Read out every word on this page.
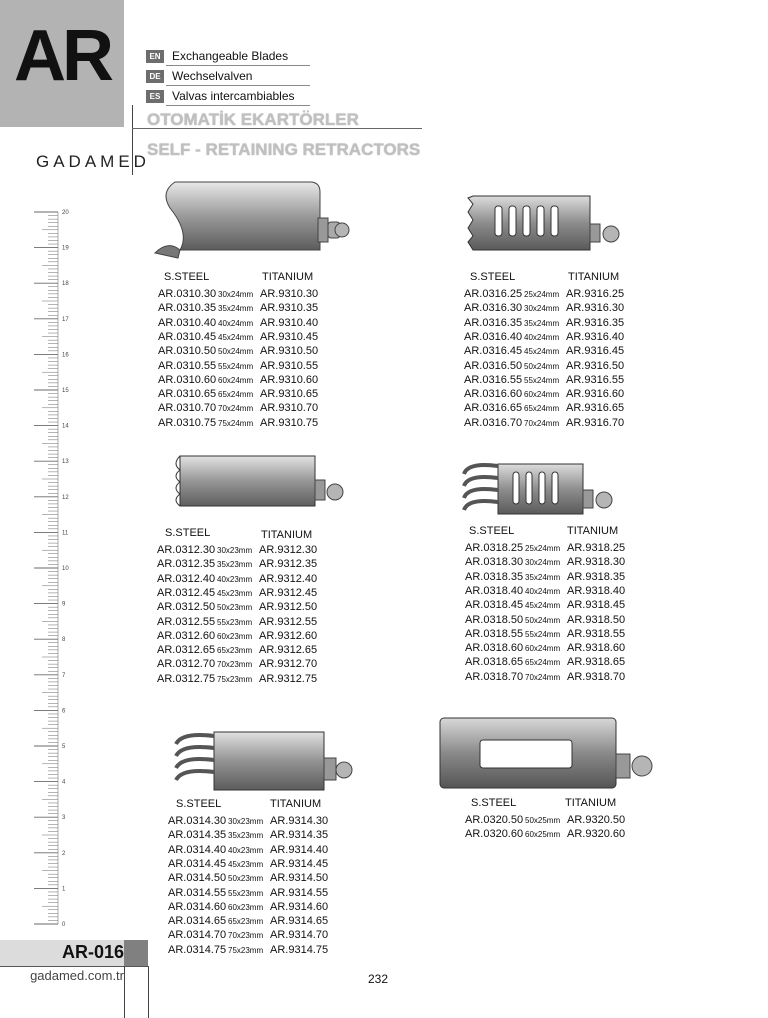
AR	EN Exchangeable Blades
DE Wechselvalven
ES Valvas intercambiables
OTOMATİK EKARTÖRLER
SELF - RETAINING RETRACTORS
GADAMED
20
19
18
17
16
15
14
13
12
11
10
9
8
7
6
5
4
3
2
1
0
S.STEEL	TITANIUM
AR.0310.30 30x24mm AR.9310.30
AR.0310.35 35x24mm AR.9310.35
AR.0310.40 40x24mm AR.9310.40
AR.0310.45 45x24mm AR.9310.45
AR.0310.50 50x24mm AR.9310.50
AR.0310.55 55x24mm AR.9310.55
AR.0310.60 60x24mm AR.9310.60
AR.0310.65 65x24mm AR.9310.65
AR.0310.70 70x24mm AR.9310.70
AR.0310.75 75x24mm AR.9310.75
S.STEEL	TITANIUM
AR.0316.25 25x24mm AR.9316.25
AR.0316.30 30x24mm AR.9316.30
AR.0316.35 35x24mm AR.9316.35
AR.0316.40 40x24mm AR.9316.40
AR.0316.45 45x24mm AR.9316.45
AR.0316.50 50x24mm AR.9316.50
AR.0316.55 55x24mm AR.9316.55
AR.0316.60 60x24mm AR.9316.60
AR.0316.65 65x24mm AR.9316.65
AR.0316.70 70x24mm AR.9316.70
S.STEEL	TITANIUM
AR.0312.30 30x23mm AR.9312.30
AR.0312.35 35x23mm AR.9312.35
AR.0312.40 40x23mm AR.9312.40
AR.0312.45 45x23mm AR.9312.45
AR.0312.50 50x23mm AR.9312.50
AR.0312.55 55x23mm AR.9312.55
AR.0312.60 60x23mm AR.9312.60
AR.0312.65 65x23mm AR.9312.65
AR.0312.70 70x23mm AR.9312.70
AR.0312.75 75x23mm AR.9312.75
S.STEEL	TITANIUM
AR.0318.25 25x24mm AR.9318.25
AR.0318.30 30x24mm AR.9318.30
AR.0318.35 35x24mm AR.9318.35
AR.0318.40 40x24mm AR.9318.40
AR.0318.45 45x24mm AR.9318.45
AR.0318.50 50x24mm AR.9318.50
AR.0318.55 55x24mm AR.9318.55
AR.0318.60 60x24mm AR.9318.60
AR.0318.65 65x24mm AR.9318.65
AR.0318.70 70x24mm AR.9318.70
S.STEEL	TITANIUM
AR.0314.30 30x23mm AR.9314.30
AR.0314.35 35x23mm AR.9314.35
AR.0314.40 40x23mm AR.9314.40
AR.0314.45 45x23mm AR.9314.45
AR.0314.50 50x23mm AR.9314.50
AR.0314.55 55x23mm AR.9314.55
AR.0314.60 60x23mm AR.9314.60
AR.0314.65 65x23mm AR.9314.65
AR.0314.70 70x23mm AR.9314.70
AR.0314.75 75x23mm AR.9314.75
S.STEEL	TITANIUM
AR.0320.50 50x25mm AR.9320.50
AR.0320.60 60x25mm AR.9320.60
AR-016
gadamed.com.tr	232
